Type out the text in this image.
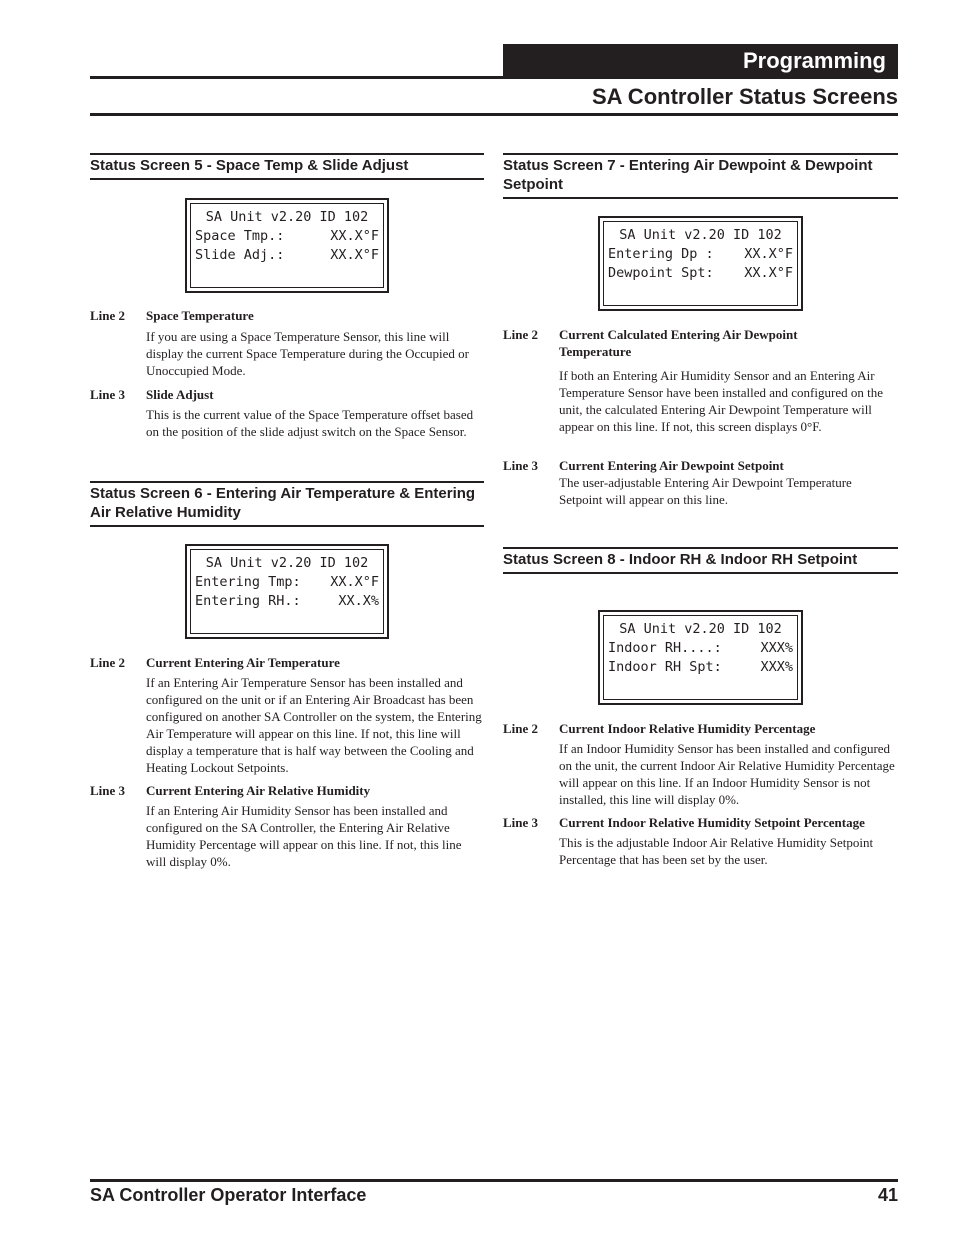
Programming
SA Controller Status Screens
Status Screen 5 - Space Temp & Slide Adjust
SA Unit v2.20 ID 102
Space Tmp.:	XX.X°F
Slide Adj.:	XX.X°F
Line 2 Space Temperature
If you are using a Space Temperature Sensor, this line will display the current Space Temperature during the Occupied or Unoccupied Mode.
Line 3 Slide Adjust
This is the current value of the Space Temperature offset based on the position of the slide adjust switch on the Space Sensor.
Status Screen 6 - Entering Air Temperature & Entering Air Relative Humidity
SA Unit v2.20 ID 102
Entering Tmp: XX.X°F
Entering RH.:	XX.X%
Line 2 Current Entering Air Temperature
If an Entering Air Temperature Sensor has been installed and configured on the unit or if an Entering Air Broadcast has been configured on another SA Controller on the system, the Entering Air Temperature will appear on this line. If not, this line will display a temperature that is half way between the Cooling and Heating Lockout Setpoints.
Line 3 Current Entering Air Relative Humidity
If an Entering Air Humidity Sensor has been installed and configured on the SA Controller, the Entering Air Relative Humidity Percentage will appear on this line. If not, this line will display 0%.
Status Screen 7 - Entering Air Dewpoint & Dewpoint Setpoint
SA Unit v2.20 ID 102
Entering Dp : XX.X°F
Dewpoint Spt: XX.X°F
Line 2 Current Calculated Entering Air Dewpoint Temperature
If both an Entering Air Humidity Sensor and an Entering Air Temperature Sensor have been installed and configured on the unit, the calculated Entering Air Dewpoint Temperature will appear on this line. If not, this screen displays 0°F.
Line 3 Current Entering Air Dewpoint Setpoint
The user-adjustable Entering Air Dewpoint Temperature Setpoint will appear on this line.
Status Screen 8 - Indoor RH & Indoor RH Setpoint
SA Unit v2.20 ID 102
Indoor RH....:	XXX%
Indoor RH Spt:	XXX%
Line 2 Current Indoor Relative Humidity Percentage
If an Indoor Humidity Sensor has been installed and configured on the unit, the current Indoor Air Relative Humidity Percentage will appear on this line. If an Indoor Humidity Sensor is not installed, this line will display 0%.
Line 3 Current Indoor Relative Humidity Setpoint Percentage
This is the adjustable Indoor Air Relative Humidity Setpoint Percentage that has been set by the user.
SA Controller Operator Interface	41
